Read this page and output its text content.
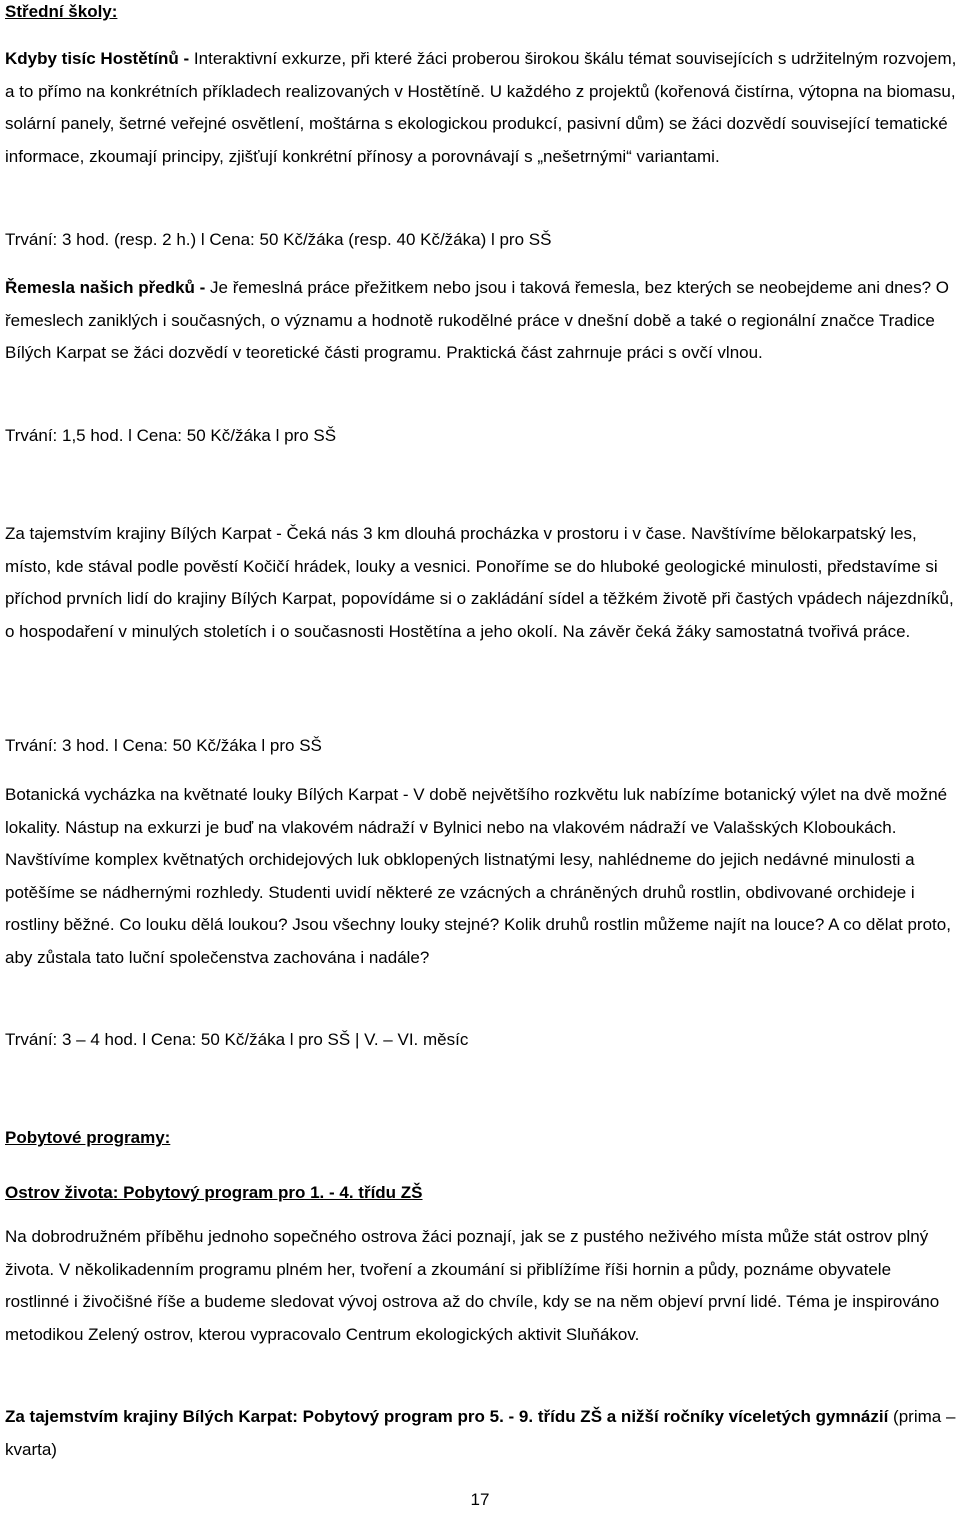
Střední školy:
Kdyby tisíc Hostětínů - Interaktivní exkurze, při které žáci proberou širokou škálu témat souvisejících s udržitelným rozvojem, a to přímo na konkrétních příkladech realizovaných v Hostětíně. U každého z projektů (kořenová čistírna, výtopna na biomasu, solární panely, šetrné veřejné osvětlení, moštárna s ekologickou produkcí, pasivní dům) se žáci dozvědí související tematické informace, zkoumají principy, zjišťují konkrétní přínosy a porovnávají s „nešetrnými“ variantami.
Trvání: 3 hod. (resp. 2 h.) l Cena: 50 Kč/žáka (resp. 40 Kč/žáka) l pro SŠ
Řemesla našich předků - Je řemeslná práce přežitkem nebo jsou i taková řemesla, bez kterých se neobejdeme ani dnes? O řemeslech zaniklých i současných, o významu a hodnotě rukodělné práce v dnešní době a také o regionální značce Tradice Bílých Karpat se žáci dozvědí v teoretické části programu. Praktická část zahrnuje práci s ovčí vlnou.
Trvání: 1,5 hod. l Cena: 50 Kč/žáka l pro SŠ
Za tajemstvím krajiny Bílých Karpat - Čeká nás 3 km dlouhá procházka v prostoru i v čase. Navštívíme bělokarpatský les, místo, kde stával podle pověstí Kočičí hrádek, louky a vesnici. Ponoříme se do hluboké geologické minulosti, představíme si příchod prvních lidí do krajiny Bílých Karpat, popovídáme si o zakládání sídel a těžkém životě při častých vpádech nájezdníků, o hospodaření v minulých stoletích i o současnosti Hostětína a jeho okolí. Na závěr čeká žáky samostatná tvořivá práce.
Trvání: 3 hod. l Cena: 50 Kč/žáka l pro SŠ
Botanická vycházka na květnaté louky Bílých Karpat - V době největšího rozkvětu luk nabízíme botanický výlet na dvě možné lokality. Nástup na exkurzi je buď na vlakovém nádraží v Bylnici nebo na vlakovém nádraží ve Valašských Kloboukách. Navštívíme komplex květnatých orchidejových luk obklopených listnatými lesy, nahlédneme do jejich nedávné minulosti a potěšíme se nádhernými rozhledy. Studenti uvidí některé ze vzácných a chráněných druhů rostlin, obdivované orchideje i rostliny běžné. Co louku dělá loukou? Jsou všechny louky stejné? Kolik druhů rostlin můžeme najít na louce? A co dělat proto, aby zůstala tato luční společenstva zachována i nadále?
Trvání: 3 – 4 hod. l Cena: 50 Kč/žáka l pro SŠ | V. – VI. měsíc
Pobytové programy:
Ostrov života: Pobytový program pro 1. - 4. třídu ZŠ
Na dobrodružném příběhu jednoho sopečného ostrova žáci poznají, jak se z pustého neživého místa může stát ostrov plný života. V několikadenním programu plném her, tvoření a zkoumání si přiblížíme říši hornin a půdy, poznáme obyvatele rostlinné i živočišné říše a budeme sledovat vývoj ostrova až do chvíle, kdy se na něm objeví první lidé. Téma je inspirováno metodikou Zelený ostrov, kterou vypracovalo Centrum ekologických aktivit Sluňákov.
Za tajemstvím krajiny Bílých Karpat: Pobytový program pro 5. - 9. třídu ZŠ a nižší ročníky víceletých gymnázií (prima – kvarta)
17
